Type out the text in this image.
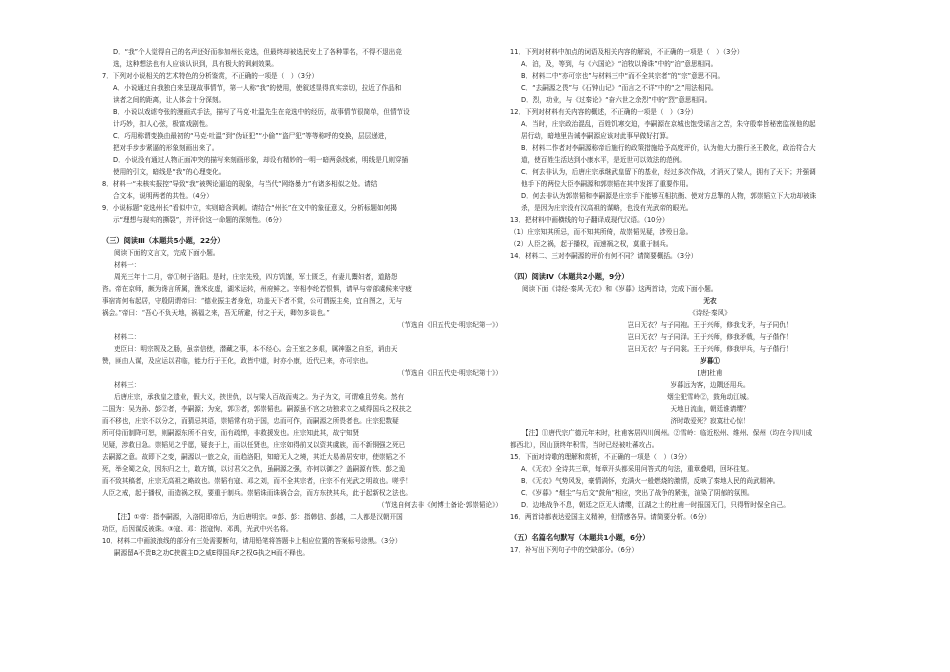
D．“我”个人觉得自己的名声还好而参加州长竞选，但最终却被选民安上了各种罪名，不得不退出竞

选，这种想法也有人应该认识到，具有极大的讽刺效果。

7．下列对小说相关的艺术特色的分析鉴赏，不正确的一项是（　）（3分）

A．小说通过自我独白来呈现故事情节，第一人称“我”的使用，使叙述显得真实亲切，拉近了作品和

读者之间的距离，让人体会十分深刻。

B．小说以戏谑夸张的漫画式手法，描写了马克·吐温先生在竞选中的经历，故事情节很简单，但情节设

计巧妙，扣人心弦，极富戏剧性。

C．巧用称谓变换由最初的“马克·吐温”到“伪证犯”“小偷”“盗尸犯”等等称呼的变换，层层递进，

把对手步步紧逼的形象刻画出来了。

D．小说没有通过人物正面冲突的描写来刻画形象，却设有精妙的一明一暗两条线索，明线是几则穿插

使用的引文，暗线是“我”的心理变化。

8．材料一“未核实报控”导致“我”被舆论逼迫的现象，与当代“网络暴力”有诸多相似之处。请结

合文本，说明两者的共性。（4分）

9．小说标题“竞选州长”看似中立，实则暗含讽刺。请结合“州长”在文中的象征意义，分析标题如何揭

示“理想与现实的撕裂”，并评价这一命题的深刻性。（6分）

（三）阅读Ⅲ（本题共5小题，22分）

阅读下面的文言文，完成下面小题。

材料一：

周光三年十二月，帝①树于洛阳。是时，庄宗先殁，四方饥馑，军士匮乏，有妻儿鬻妇者，道路怨

咨。帝在京师，颇为谗言所属，渔米皮虚，湖米运转，州府鲜之。宰相李纶若恨惧，请早与帝部虞候来守疲

事宿宵何布起居，守殷阴谓帝曰：“德业振主者身危，功盖天下者不赏，公可谓振主矣，宜自图之，无与

祸会。”帝曰：“吾心不负天地，祸福之来，吾无所避，付之于天，卿勿多谈也。”

（节选自《旧五代史·明宗纪第一》）

材料二：

吏臣曰：明宗规及之肠，虽亲信使，潜藏之事，本不经心。会王室之多艰，属神器之自至，诮由天

赞，匪由人谋，及应运以君临，能力行于王化，政皆中道，时亦小康，近代已来，亦可宗也。

（节选自《旧五代史·明宗纪第十》）

材料三：

后唐庄宗，承我皇之遗业，假大义，挟世仇，以与梁人百战而夷之。为子为文，可谓难且劳矣。然有

二国为：吴为孙、彭②者，李嗣源；为宠，郭③者，郭崇韬也。嗣源虽不宫之功独求立之威得国兵之权扶之

而不移也，庄宗不以分之，而猜忌其语，崇韬常有功于国，忠而可作，而嗣源之所畏者也。庄宗犯数疑

所可侍而制降可恕，则嗣源东所不自安，而有疏惮，非救援发也。庄宗知此其，故宁知贤

见疑，涉救日急。崇韬见之乎愿，疑丧于上，而以任贤也，庄宗如得前又以资其虞族，而不新铜强之死已

去嗣源之意。故即下之变，嗣源以一旅之众，而趋洛阳，知暗无人之境，其迁大易善居安审，使崇韬之不

死，举全蜀之众，因东归之士，敢方镇，以讨君父之仇，虽嗣源之强，亦何以御之？盖嗣源有铁、彭之诡

而不致其稿者，庄宗无高祖之略故也。崇韬有寇、邓之刘，而不全其宗者，庄宗不有光武之明故也。嗟乎！

人臣之戒，起于播权，而造祸之权，要重于制兵。崇韬诛而诛祸合会，而方东挟其兵，此于起新权之法也。

（节选自何去非《何博士备论·郭崇韬论》）

【注】①帝：指李嗣源，入洛阳即帝后，为后唐明宗。②彭、彭：指韩信、彭越，二人都是汉朝开国

功臣，后因谋反被诛。③寇、邓：指寇恂、邓禹，光武中兴名将。

10．材料二中画波浪线的部分有三处需要断句，请用铅笔将答题卡上相应位置的答案标号涂黑。（3分）

嗣源留A不贵B之功C挟震主D之威E得国兵F之权G执之H而不释也。

11．下列对材料中加点的词语及相关内容的解说，不正确的一项是（　）（3分）

A．泊，及，等到，与《六国论》“泊牧以谗诛”中的“泊”意思相同。

B．材料二中“亦可宗也”与材料三中“而不全其宗者”的“宗”意思不同。

C．“去嗣源之畏”与《石钟山记》“而言之不详”中的“之”用法相同。

D．烈，功业，与《过秦论》“奋六世之余烈”中的“烈”意思相同。

12．下列对材料有关内容的概述，不正确的一项是（　）（3分）

A．当时，庄宗政治混乱，百姓饥寒交迫，李嗣源在京城也饱受谣言之苦，朱守殷奉旨秘密监视他的起

居行动，暗地里告诫李嗣源应该对此事早做好打算。

B．材料二作者对李嗣源称帝后施行的政策措施给予高度评价，认为他大力推行圣王教化，政治符合大

道，使百姓生活达到小康水平，是近世可以效法的范例。

C．何去非认为，后唐庄宗承继武皇留下的基业，经过多次作战，才消灭了梁人，拥有了天下；并强调

他手下的两位大臣李嗣源和郭崇韬在其中发挥了重要作用。

D．何去非认为郭崇韬和李嗣源是庄宗手下能够互相抗衡、使对方总掣的人物，郭崇韬立下大功却被诛

杀，是因为庄宗没有汉高祖的谋略，也没有光武帝的眼光。

13．把材料中画横线的句子翻译成现代汉语。（10分）

（1）庄宗知其所忌，而不知其所倚，故崇韬见疑，涉殁日急。

（2）人臣之祸，起于播权，而速祸之权，莫重于制兵。

14．材料二、三对李嗣源的评价有何不同？请简要概括。（3分）

（四）阅读Ⅳ（本题共2小题，9分）

阅读下面《诗经·秦风·无衣》和《岁暮》这两首诗，完成下面小题。

无衣

《诗经·秦风》

岂曰无衣？与子同袍。王于兴师，修我戈矛，与子同仇！

岂曰无衣？与子同泽。王于兴师，修我矛戟，与子偕作！

岂曰无衣？与子同裳。王于兴师，修我甲兵，与子偕行！

岁暮①

[唐]杜甫

岁暮远为客，边隅还用兵。

烟尘犯雪岭②，鼓角动江城。

天地日流血，朝廷谁请缨？

济时敢爱死？寂寞壮心惊！

【注】①唐代宗广德元年末时，杜甫客居四川阆州。②雪岭：临近松州、维州、保州（均在今四川成

都西北），因山顶终年积雪，当时已经被吐蕃攻占。

15．下面对诗歌的理解和赏析，不正确的一项是（　）（3分）

A．《无衣》全诗共三章，每章开头都采用问答式的句法，重章叠唱，回环往复。

B．《无衣》气势风发，豪情满怀，充满火一般燃烧的激情，反映了秦地人民的尚武精神。

C．《岁暮》“烟尘”与后文“鼓角”相应，突出了战争的紧张，渲染了阴郁的氛围。

D．边地战争不息，朝廷之臣无人请缨，江湖之士的杜甫一时报国无门，只得暂时保全自己。

16．两首诗都表达爱国主义精神，但情感各异。请简要分析。（6分）

（五）名篇名句默写（本题共1小题，6分）

17．补写出下列句子中的空缺部分。（6分）
